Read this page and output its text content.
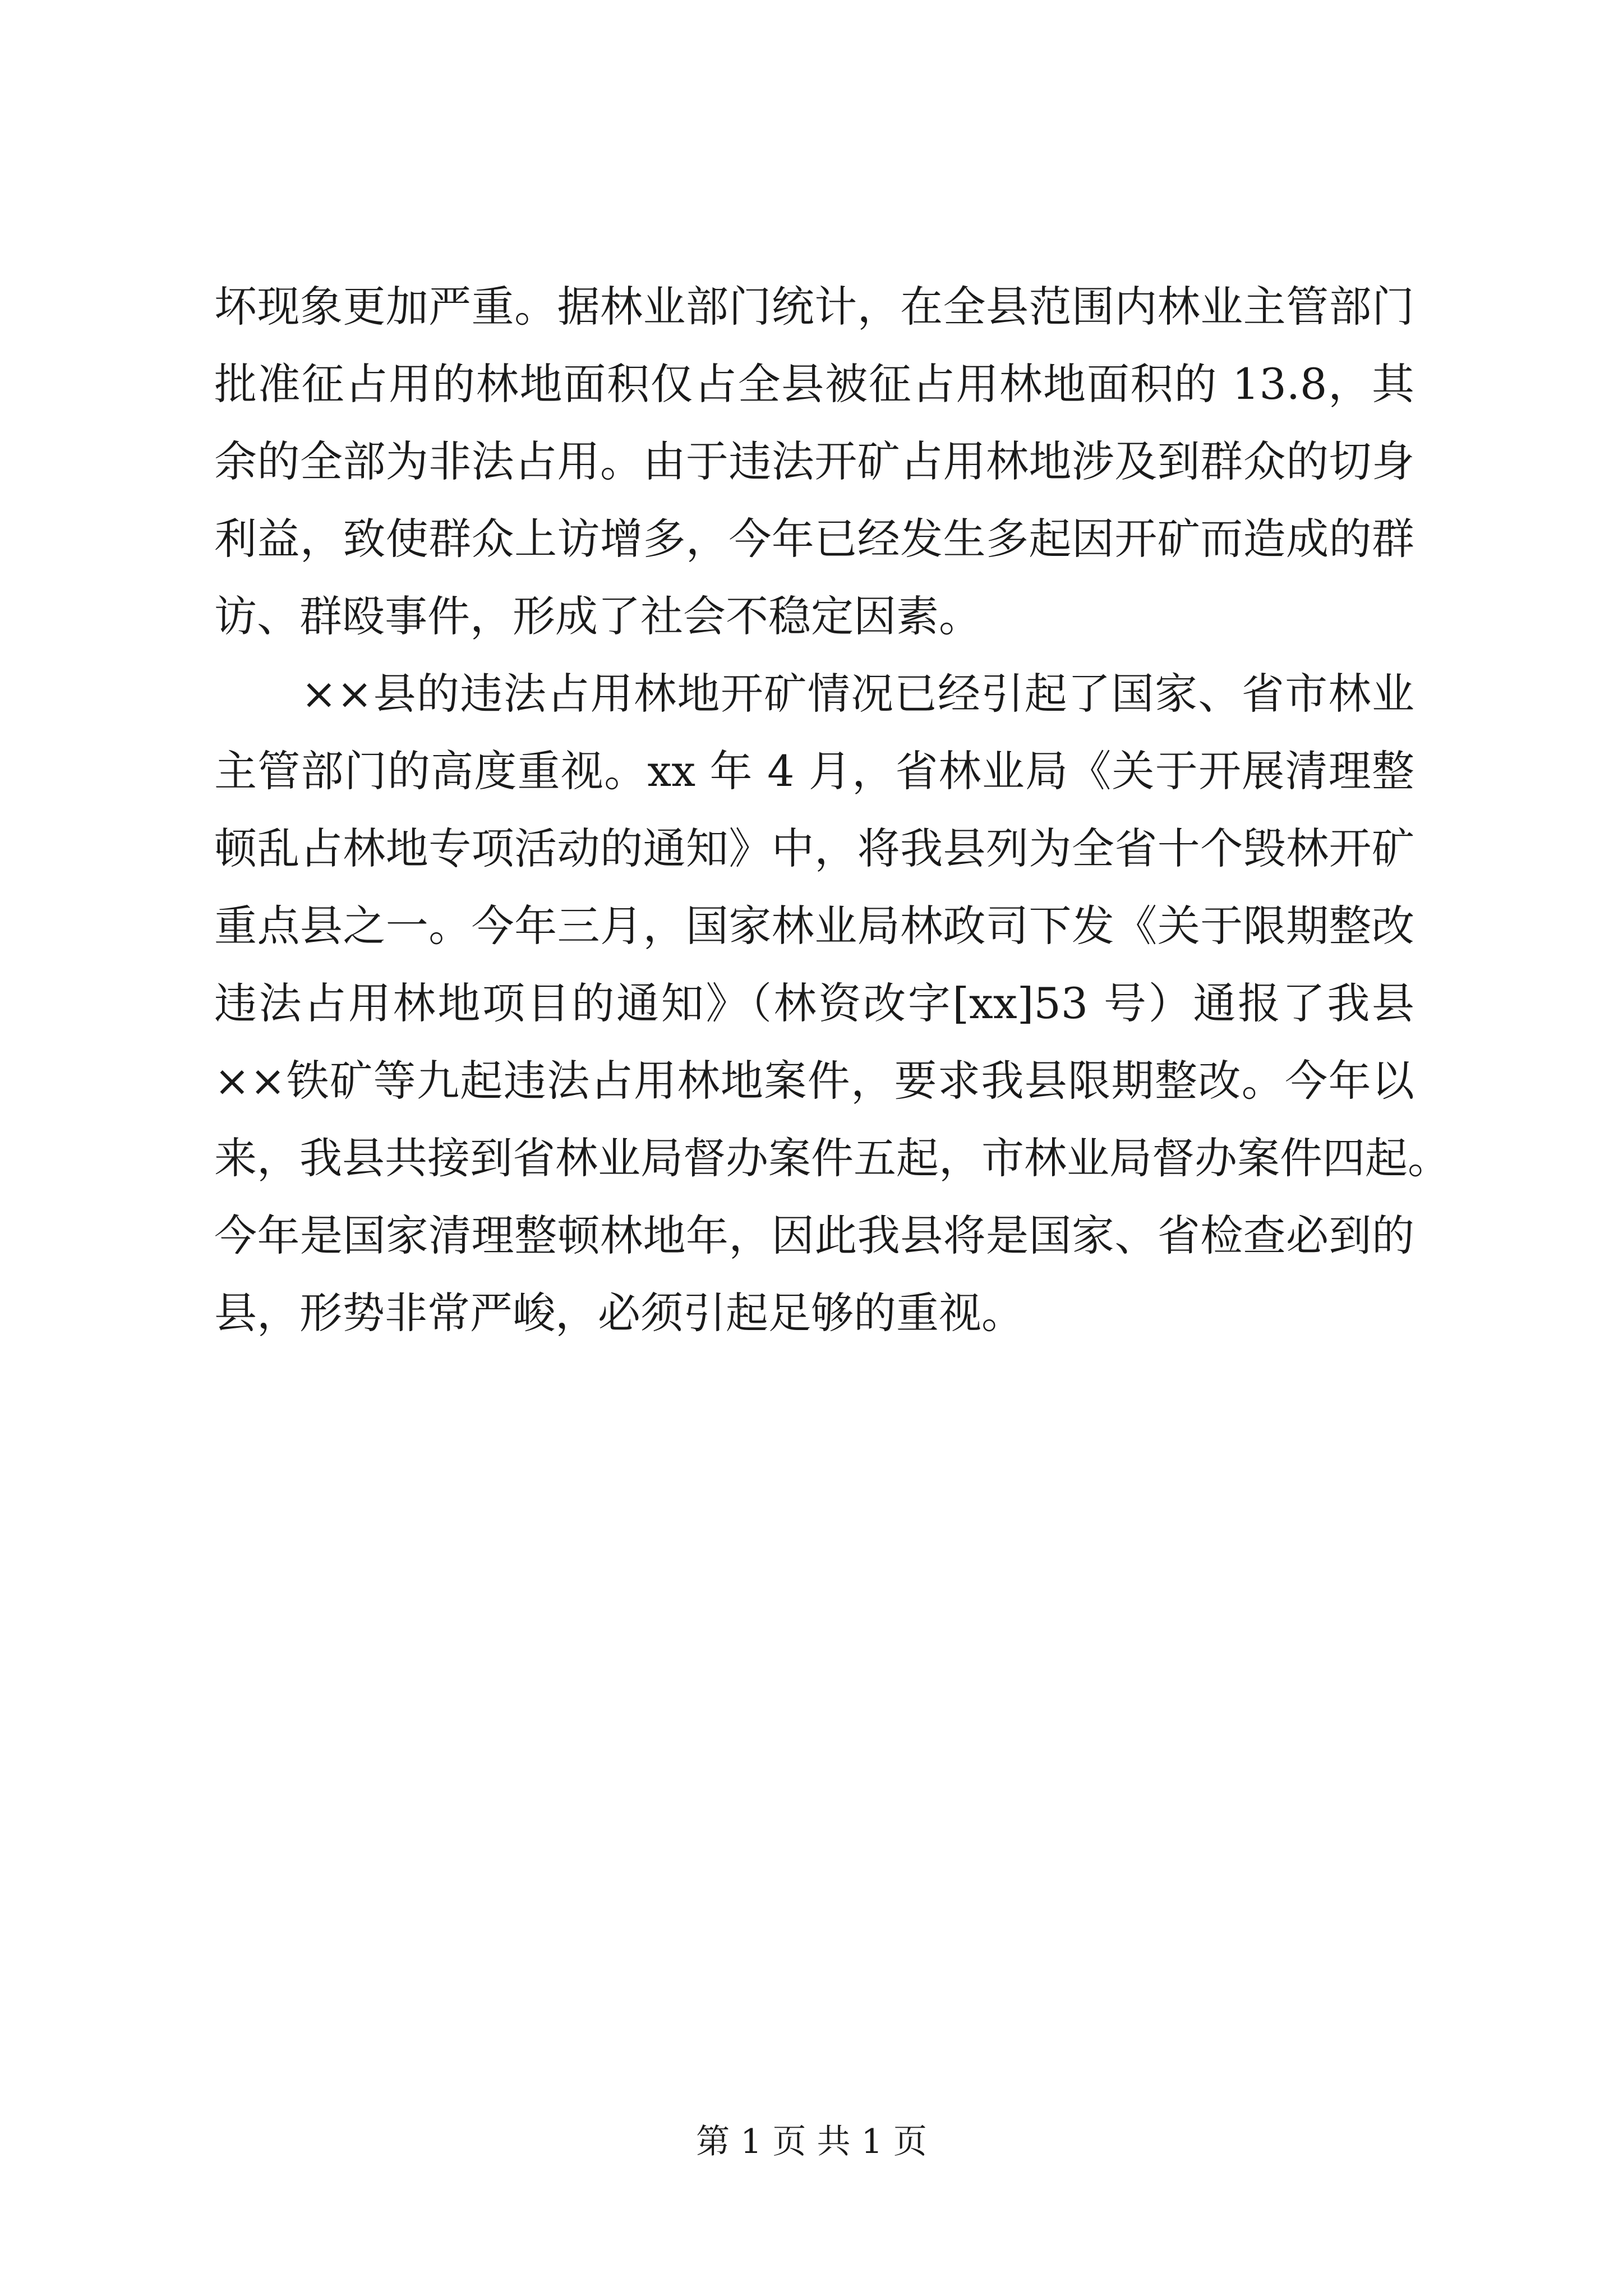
坏现象更加严重。据林业部门统计，在全县范围内林业主管部门
批准征占用的林地面积仅占全县被征占用林地面积的 13.8，其
余的全部为非法占用。由于违法开矿占用林地涉及到群众的切身
利益，致使群众上访增多，今年已经发生多起因开矿而造成的群
访、群殴事件，形成了社会不稳定因素。
　　××县的违法占用林地开矿情况已经引起了国家、省市林业
主管部门的高度重视。xx 年 4 月，省林业局《关于开展清理整
顿乱占林地专项活动的通知》中，将我县列为全省十个毁林开矿
重点县之一。今年三月，国家林业局林政司下发《关于限期整改
违法占用林地项目的通知》（林资改字[xx]53 号）通报了我县
××铁矿等九起违法占用林地案件，要求我县限期整改。今年以
来，我县共接到省林业局督办案件五起，市林业局督办案件四起。
今年是国家清理整顿林地年，因此我县将是国家、省检查必到的
县，形势非常严峻，必须引起足够的重视。
第 1 页 共 1 页
